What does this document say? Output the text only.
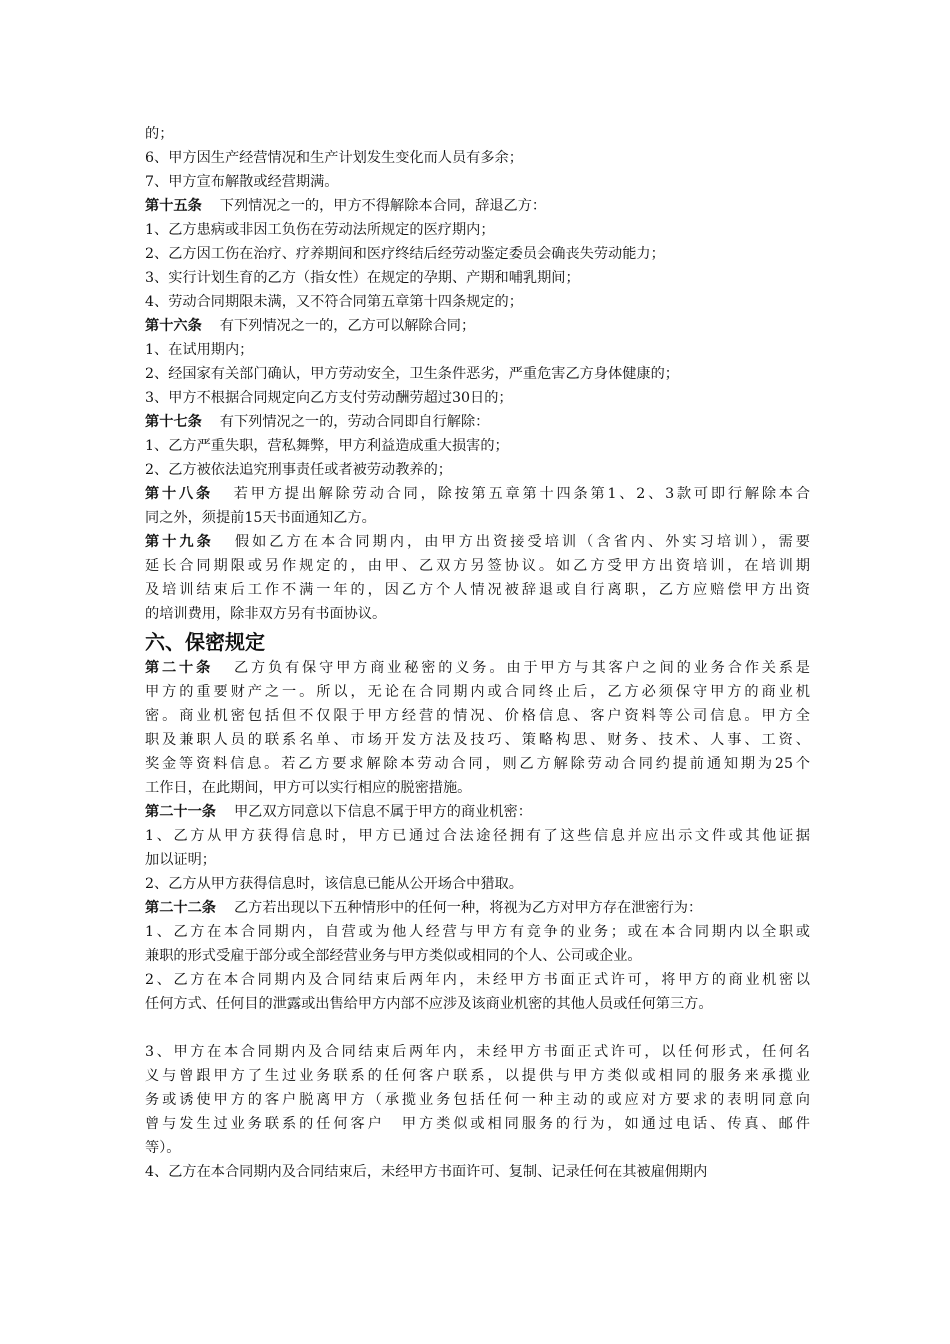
的；
6、甲方因生产经营情况和生产计划发生变化而人员有多余；
7、甲方宣布解散或经营期满。
第十五条 下列情况之一的，甲方不得解除本合同，辞退乙方：
1、乙方患病或非因工负伤在劳动法所规定的医疗期内；
2、乙方因工伤在治疗、疗养期间和医疗终结后经劳动鉴定委员会确丧失劳动能力；
3、实行计划生育的乙方（指女性）在规定的孕期、产期和哺乳期间；
4、劳动合同期限未满，又不符合同第五章第十四条规定的；
第十六条 有下列情况之一的，乙方可以解除合同；
1、在试用期内；
2、经国家有关部门确认，甲方劳动安全，卫生条件恶劣，严重危害乙方身体健康的；
3、甲方不根据合同规定向乙方支付劳动酬劳超过30日的；
第十七条 有下列情况之一的，劳动合同即自行解除：
1、乙方严重失职，营私舞弊，甲方利益造成重大损害的；
2、乙方被依法追究刑事责任或者被劳动教养的；
第十八条 若甲方提出解除劳动合同，除按第五章第十四条第1、2、3款可即行解除本合
同之外，须提前15天书面通知乙方。
第十九条 假如乙方在本合同期内，由甲方出资接受培训（含省内、外实习培训），需要
延长合同期限或另作规定的，由甲、乙双方另签协议。如乙方受甲方出资培训，在培训期
及培训结束后工作不满一年的，因乙方个人情况被辞退或自行离职，乙方应赔偿甲方出资
的培训费用，除非双方另有书面协议。
六、保密规定
第二十条 乙方负有保守甲方商业秘密的义务。由于甲方与其客户之间的业务合作关系是
甲方的重要财产之一。所以，无论在合同期内或合同终止后，乙方必须保守甲方的商业机
密。商业机密包括但不仅限于甲方经营的情况、价格信息、客户资料等公司信息。甲方全
职及兼职人员的联系名单、市场开发方法及技巧、策略构思、财务、技术、人事、工资、
奖金等资料信息。若乙方要求解除本劳动合同，则乙方解除劳动合同约提前通知期为25个
工作日，在此期间，甲方可以实行相应的脱密措施。
第二十一条 甲乙双方同意以下信息不属于甲方的商业机密：
1、乙方从甲方获得信息时，甲方已通过合法途径拥有了这些信息并应出示文件或其他证据
加以证明；
2、乙方从甲方获得信息时，该信息已能从公开场合中猎取。
第二十二条 乙方若出现以下五种情形中的任何一种，将视为乙方对甲方存在泄密行为：
1、乙方在本合同期内，自营或为他人经营与甲方有竞争的业务；或在本合同期内以全职或
兼职的形式受雇于部分或全部经营业务与甲方类似或相同的个人、公司或企业。
2、乙方在本合同期内及合同结束后两年内，未经甲方书面正式许可，将甲方的商业机密以
任何方式、任何目的泄露或出售给甲方内部不应涉及该商业机密的其他人员或任何第三方。
3、甲方在本合同期内及合同结束后两年内，未经甲方书面正式许可，以任何形式，任何名
义与曾跟甲方了生过业务联系的任何客户联系，以提供与甲方类似或相同的服务来承揽业
务或诱使甲方的客户脱离甲方（承揽业务包括任何一种主动的或应对方要求的表明同意向
曾与发生过业务联系的任何客户　甲方类似或相同服务的行为，如通过电话、传真、邮件
等）。
4、乙方在本合同期内及合同结束后，未经甲方书面许可、复制、记录任何在其被雇佣期内
